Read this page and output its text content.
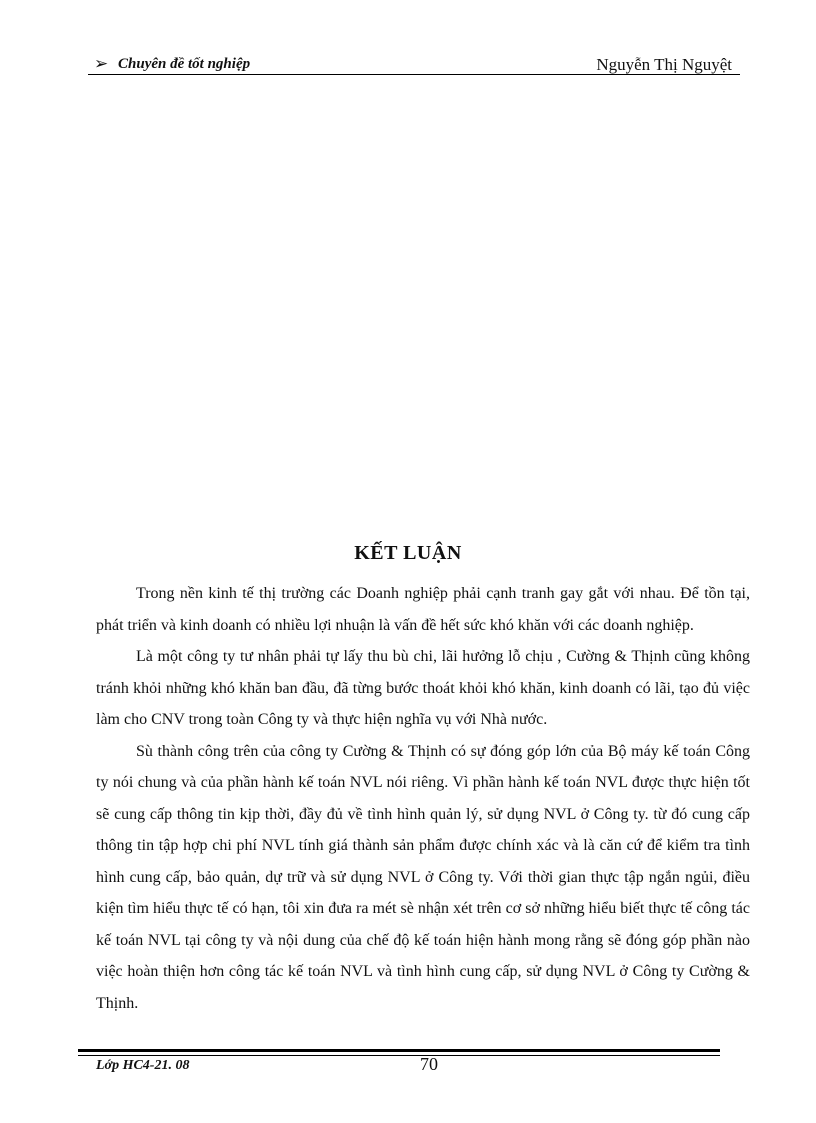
➢ Chuyên đề tốt nghiệp	Nguyễn Thị Nguyệt
KẾT LUẬN

Trong nền kinh tế thị trường các Doanh nghiệp phải cạnh tranh gay gắt với nhau. Để tồn tại, phát triển và kinh doanh có nhiều lợi nhuận là vấn đề hết sức khó khăn với các doanh nghiệp.

Là một công ty tư nhân phải tự lấy thu bù chi, lãi hưởng lỗ chịu , Cường & Thịnh cũng không tránh khỏi những khó khăn ban đầu, đã từng bước thoát khỏi khó khăn, kinh doanh có lãi, tạo đủ việc làm cho CNV trong toàn Công ty và thực hiện nghĩa vụ với Nhà nước.

Sù thành công trên của công ty Cường & Thịnh có sự đóng góp lớn của Bộ máy kế toán Công ty nói chung và của phần hành kế toán NVL nói riêng. Vì phần hành kế toán NVL được thực hiện tốt sẽ cung cấp thông tin kịp thời, đầy đủ về tình hình quản lý, sử dụng NVL ở Công ty. từ đó cung cấp thông tin tập hợp chi phí NVL tính giá thành sản phẩm được chính xác và là căn cứ để kiểm tra tình hình cung cấp, bảo quản, dự trữ và sử dụng NVL ở Công ty. Với thời gian thực tập ngắn ngủi, điều kiện tìm hiểu thực tế có hạn, tôi xin đưa ra mét sè nhận xét trên cơ sở những hiểu biết thực tế công tác kế toán NVL tại công ty và nội dung của chế độ kế toán hiện hành mong rằng sẽ đóng góp phần nào việc hoàn thiện hơn công tác kế toán NVL và tình hình cung cấp, sử dụng NVL ở Công ty Cường & Thịnh.

Lớp HC4-21. 08	70
